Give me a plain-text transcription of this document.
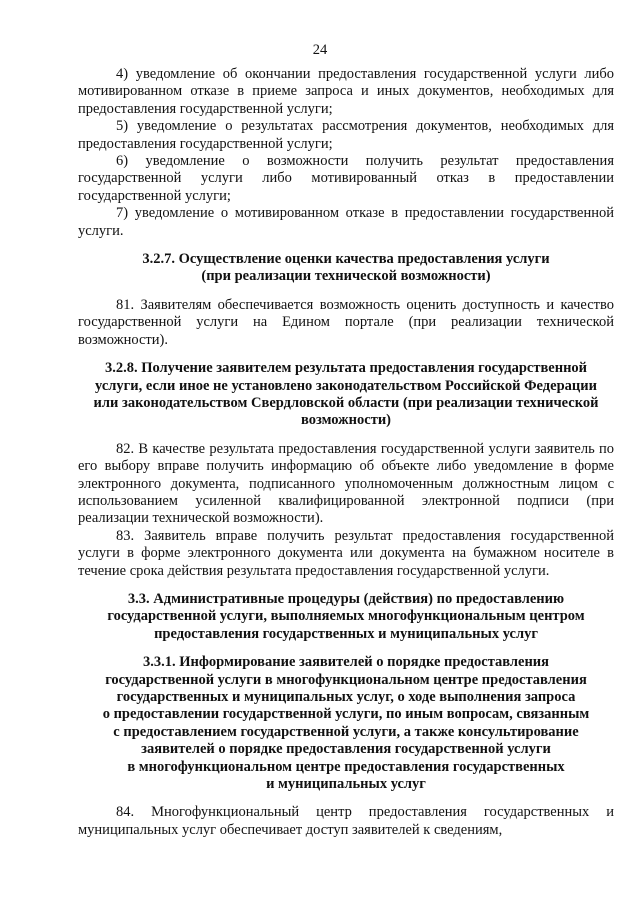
24

4) уведомление об окончании предоставления государственной услуги либо мотивированном отказе в приеме запроса и иных документов, необходимых для предоставления государственной услуги;

5) уведомление о результатах рассмотрения документов, необходимых для предоставления государственной услуги;

6) уведомление о возможности получить результат предоставления государственной услуги либо мотивированный отказ в предоставлении государственной услуги;

7) уведомление о мотивированном отказе в предоставлении государственной услуги.

3.2.7. Осуществление оценки качества предоставления услуги
(при реализации технической возможности)

81. Заявителям обеспечивается возможность оценить доступность и качество государственной услуги на Едином портале (при реализации технической возможности).

3.2.8. Получение заявителем результата предоставления государственной
услуги, если иное не установлено законодательством Российской Федерации
или законодательством Свердловской области (при реализации технической
возможности)

82. В качестве результата предоставления государственной услуги заявитель по его выбору вправе получить информацию об объекте либо уведомление в форме электронного документа, подписанного уполномоченным должностным лицом с использованием усиленной квалифицированной электронной подписи (при реализации технической возможности).

83. Заявитель вправе получить результат предоставления государственной услуги в форме электронного документа или документа на бумажном носителе в течение срока действия результата предоставления государственной услуги.

3.3. Административные процедуры (действия) по предоставлению
государственной услуги, выполняемых многофункциональным центром
предоставления государственных и муниципальных услуг

3.3.1. Информирование заявителей о порядке предоставления
государственной услуги в многофункциональном центре предоставления
государственных и муниципальных услуг, о ходе выполнения запроса
о предоставлении государственной услуги, по иным вопросам, связанным
с предоставлением государственной услуги, а также консультирование
заявителей о порядке предоставления государственной услуги
в многофункциональном центре предоставления государственных
и муниципальных услуг

84. Многофункциональный центр предоставления государственных и муниципальных услуг обеспечивает доступ заявителей к сведениям,
